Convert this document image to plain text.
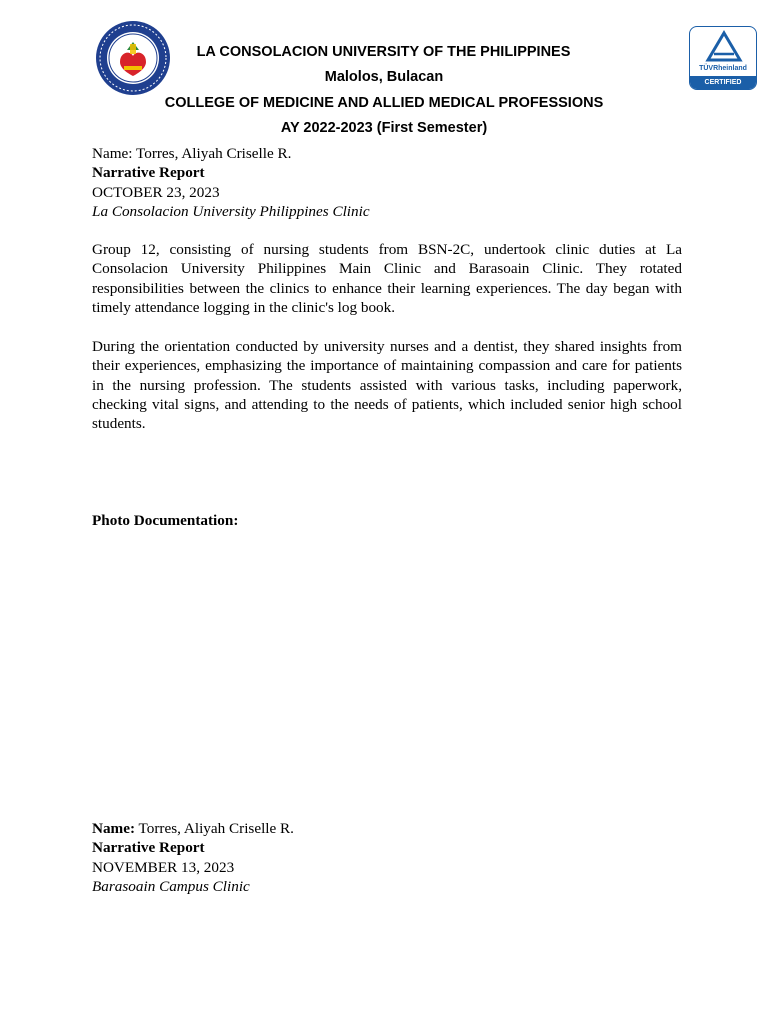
TÜVRheinland
CERTIFIED
LA CONSOLACION UNIVERSITY OF THE PHILIPPINES
Malolos, Bulacan
COLLEGE OF MEDICINE AND ALLIED MEDICAL PROFESSIONS
AY 2022-2023 (First Semester)
Name: Torres, Aliyah Criselle R.
Narrative Report
OCTOBER 23, 2023
La Consolacion University Philippines Clinic
Group 12, consisting of nursing students from BSN-2C, undertook clinic duties at La Consolacion University Philippines Main Clinic and Barasoain Clinic. They rotated responsibilities between the clinics to enhance their learning experiences. The day began with timely attendance logging in the clinic's log book.
During the orientation conducted by university nurses and a dentist, they shared insights from their experiences, emphasizing the importance of maintaining compassion and care for patients in the nursing profession. The students assisted with various tasks, including paperwork, checking vital signs, and attending to the needs of patients, which included senior high school students.
Photo Documentation:
Name: Torres, Aliyah Criselle R.
Narrative Report
NOVEMBER 13, 2023
Barasoain Campus Clinic
